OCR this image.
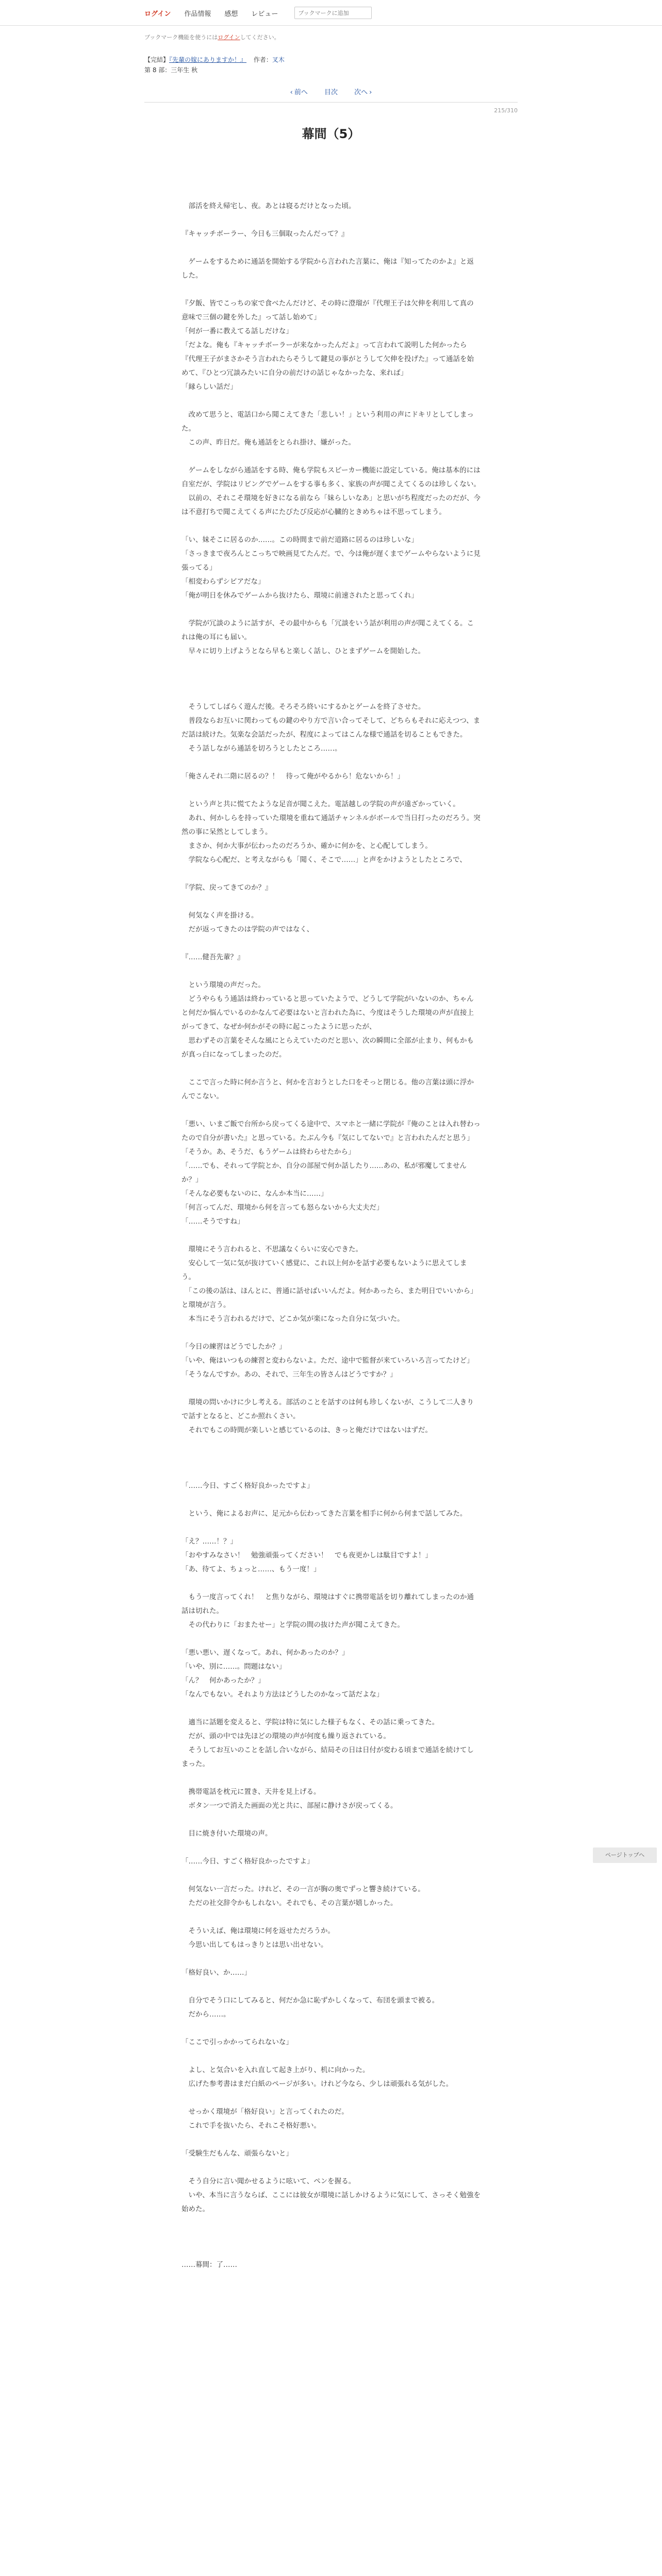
ログイン 作品情報 感想 レビュー
ブックマークに追加
ブックマーク機能を使うにはログインしてください。
【完結】『先輩の嫁にありますか！』 作者：叉木
第 8 部：三年生 秋
‹ 前へ 目次 次へ ›
215/310
幕間（5）

　部活を終え帰宅し、夜。あとは寝るだけとなった頃。

『キャッチボーラー、今日も三個取ったんだって？』

　ゲームをするために通話を開始する学院から言われた言葉に、俺は『知ってたのかよ』と返した。

『夕飯、皆でこっちの家で食べたんだけど、その時に澄瑠が『代理王子は欠伸を利用して真の意味で三個の鍵を外した』って話し始めて」

「何が一番に教えてる話しだけな」

「だよな。俺も『キャッチボーラーが来なかったんだよ』って言われて説明した何かったら『代理王子がまさかそう言われたらそうして鍵見の事がとうして欠伸を投げた』って通話を始めて、『ひとつ冗談みたいに自分の前だけの話じゃなかったな、来れば」

「縁らしい話だ」

　改めて思うと、電話口から聞こえてきた「悲しい！」という利用の声にドキリとしてしまった。

　この声、昨日だ。俺も通話をとられ掛け、嫌がった。

　ゲームをしながら通話をする時、俺も学院もスピーカー機能に設定している。俺は基本的には自室だが、学院はリビングでゲームをする事も多く、家族の声が聞こえてくるのは珍しくない。

　以前の、それこそ環境を好きになる前なら「妹らしいなあ」と思いがち程度だったのだが、今は不意打ちで聞こえてくる声にたびたび反応が心臓的ときめちゃは不思ってしまう。

「い、妹そこに居るのか……。この時間まで前だ道路に居るのは珍しいな」

「さっきまで夜ろんとこっちで映画見てたんだ。で、今は俺が遅くまでゲームやらないように見張ってる」

「相変わらずシビアだな」

「俺が明日を休みでゲームから抜けたら、環境に前速されたと思ってくれ」

　学院が冗談のように話すが、その最中からも「冗談をいう話が利用の声が聞こえてくる。これは俺の耳にも届い。

　早々に切り上げようとなら早もと楽しく話し、ひとまずゲームを開始した。

　そうしてしばらく遊んだ後。そろそろ終いにするかとゲームを終了させた。

　普段ならお互いに関わってもの鍵のやり方で言い合ってそして、どちらもそれに応えつつ、まだ話は続けた。気楽な会話だったが、程度によってはこんな様で通話を切ることもできた。

　そう話しながら通話を切ろうとしたところ……。

「俺さんそれ二階に居るの？！　待って俺がやるから！危ないから！」

　という声と共に慌てたような足音が聞こえた。電話越しの学院の声が遠ざかっていく。

　あれ、何かしらを持っていた環境を重ねて通話チャンネルがボールで当日打ったのだろう。突然の事に呆然としてしまう。

　まさか、何か大事が伝わったのだろうか、確かに何かを、と心配してしまう。

　学院なら心配だ、と考えながらも「聞く、そこで……」と声をかけようとしたところで、

『学院、戻ってきてのか？』

　何気なく声を掛ける。

　だが返ってきたのは学院の声ではなく、

『……健吾先輩？』

　という環境の声だった。

　どうやらもう通話は終わっていると思っていたようで、どうして学院がいないのか、ちゃんと何だか悩んでいるのかなんて必要はないと言われた為に、今度はそうした環境の声が直接上がってきて、なぜか何かがその時に起こったように思ったが、

　思わずその言葉をそんな風にとらえていたのだと思い、次の瞬間に全部が止まり、何もかもが真っ白になってしまったのだ。

　ここで言った時に何か言うと、何かを言おうとした口をそっと閉じる。他の言葉は頭に浮かんでこない。

「悪い、いまご飯で台所から戻ってくる途中で、スマホと一緒に学院が『俺のことは入れ替わったので自分が書いた』と思っている。たぶん今も『気にしてないで』と言われたんだと思う」

「そうか。あ、そうだ、もうゲームは終わらせたから」

「……でも、それって学院とか、自分の部屋で何か話したり……あの、私が邪魔してませんか？」

「そんな必要もないのに、なんか本当に……」

「何言ってんだ、環境から何を言っても怒らないから大丈夫だ」

「……そうですね」

　環境にそう言われると、不思議なくらいに安心できた。

　安心して一気に気が抜けていく感覚に、これ以上何かを話す必要もないように思えてしまう。

　「この後の話は、ほんとに、普通に話せばいいんだよ。何かあったら、また明日でいいから」と環境が言う。

　本当にそう言われるだけで、どこか気が楽になった自分に気づいた。

「今日の練習はどうでしたか？」

「いや、俺はいつもの練習と変わらないよ。ただ、途中で監督が来ていろいろ言ってたけど」

「そうなんですか。あの、それで、三年生の皆さんはどうですか？」

　環境の問いかけに少し考える。部活のことを話すのは何も珍しくないが、こうして二人きりで話すとなると、どこか照れくさい。

　それでもこの時間が楽しいと感じているのは、きっと俺だけではないはずだ。

「……今日、すごく格好良かったですよ」

　という、俺によるお声に、足元から伝わってきた言葉を相手に何から何まで話してみた。

「え？……！？」

「おやすみなさい！　勉強頑張ってください！　でも夜更かしは駄目ですよ！」

「あ、待てよ、ちょっと……、もう一度！」

　もう一度言ってくれ！　と焦りながら、環境はすぐに携帯電話を切り離れてしまったのか通話は切れた。

　その代わりに「おまたせー」と学院の間の抜けた声が聞こえてきた。

「悪い悪い、遅くなって。あれ、何かあったのか？」

「いや、別に……。問題はない」

「ん？　何かあったか？」

「なんでもない。それより方法はどうしたのかなって話だよな」

　適当に話題を変えると、学院は特に気にした様子もなく、その話に乗ってきた。

　だが、頭の中では先ほどの環境の声が何度も繰り返されている。

　そうしてお互いのことを話し合いながら、結局その日は日付が変わる頃まで通話を続けてしまった。

　携帯電話を枕元に置き、天井を見上げる。

　ボタン一つで消えた画面の光と共に、部屋に静けさが戻ってくる。

　目に焼き付いた環境の声。

「……今日、すごく格好良かったですよ」

　何気ない一言だった。けれど、その一言が胸の奥でずっと響き続けている。

　ただの社交辞令かもしれない。それでも、その言葉が嬉しかった。

　そういえば、俺は環境に何を返せただろうか。

　今思い出してもはっきりとは思い出せない。

「格好良い、か……」

　自分でそう口にしてみると、何だか急に恥ずかしくなって、布団を頭まで被る。

　だから……。

「ここで引っかかってられないな」

　よし、と気合いを入れ直して起き上がり、机に向かった。

　広げた参考書はまだ白紙のページが多い。けれど今なら、少しは頑張れる気がした。

　せっかく環境が「格好良い」と言ってくれたのだ。

　これで手を抜いたら、それこそ格好悪い。

「受験生だもんな、頑張らないと」

　そう自分に言い聞かせるように呟いて、ペンを握る。

　いや、本当に言うならば、ここには彼女が環境に話しかけるように気にして、さっそく勉強を始めた。

……幕間：了……

ページトップへ
